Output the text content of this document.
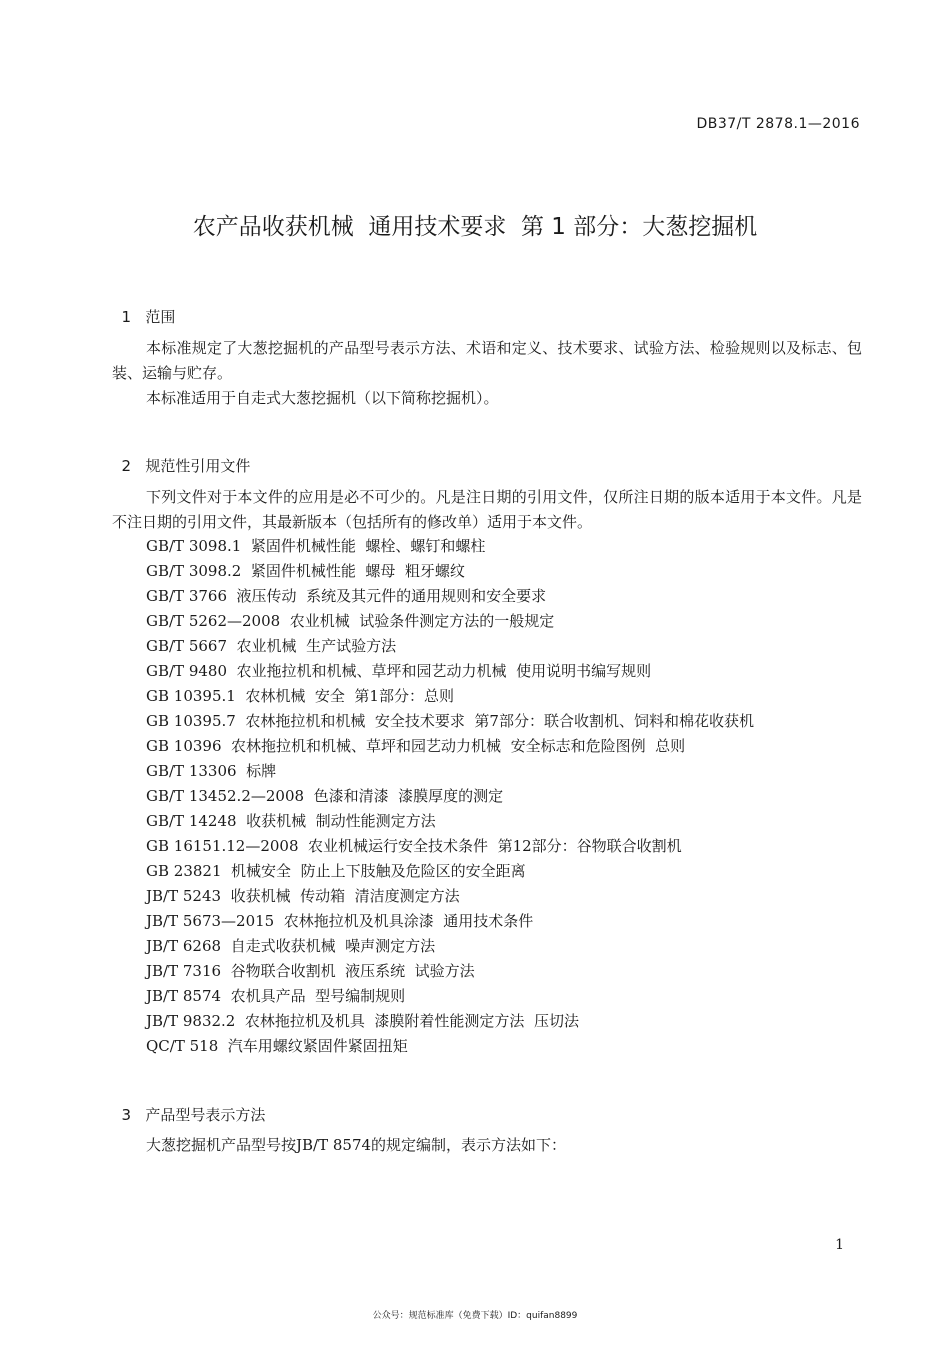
DB37/T 2878.1—2016
农产品收获机械  通用技术要求  第 1 部分：大葱挖掘机

1 范围

本标准规定了大葱挖掘机的产品型号表示方法、术语和定义、技术要求、试验方法、检验规则以及标志、包装、运输与贮存。

本标准适用于自走式大葱挖掘机（以下简称挖掘机）。

2 规范性引用文件

下列文件对于本文件的应用是必不可少的。凡是注日期的引用文件，仅所注日期的版本适用于本文件。凡是不注日期的引用文件，其最新版本（包括所有的修改单）适用于本文件。

GB/T 3098.1  紧固件机械性能  螺栓、螺钉和螺柱
GB/T 3098.2  紧固件机械性能  螺母  粗牙螺纹
GB/T 3766  液压传动  系统及其元件的通用规则和安全要求
GB/T 5262—2008  农业机械  试验条件测定方法的一般规定
GB/T 5667  农业机械  生产试验方法
GB/T 9480  农业拖拉机和机械、草坪和园艺动力机械  使用说明书编写规则
GB 10395.1  农林机械  安全  第1部分：总则
GB 10395.7  农林拖拉机和机械  安全技术要求  第7部分：联合收割机、饲料和棉花收获机
GB 10396  农林拖拉机和机械、草坪和园艺动力机械  安全标志和危险图例  总则
GB/T 13306  标牌
GB/T 13452.2—2008  色漆和清漆  漆膜厚度的测定
GB/T 14248  收获机械  制动性能测定方法
GB 16151.12—2008  农业机械运行安全技术条件  第12部分：谷物联合收割机
GB 23821  机械安全  防止上下肢触及危险区的安全距离
JB/T 5243  收获机械  传动箱  清洁度测定方法
JB/T 5673—2015  农林拖拉机及机具涂漆  通用技术条件
JB/T 6268  自走式收获机械  噪声测定方法
JB/T 7316  谷物联合收割机  液压系统  试验方法
JB/T 8574  农机具产品  型号编制规则
JB/T 9832.2  农林拖拉机及机具  漆膜附着性能测定方法  压切法
QC/T 518  汽车用螺纹紧固件紧固扭矩

3 产品型号表示方法

大葱挖掘机产品型号按JB/T 8574的规定编制，表示方法如下：

1
公众号：规范标准库（免费下载）ID：quifan8899
